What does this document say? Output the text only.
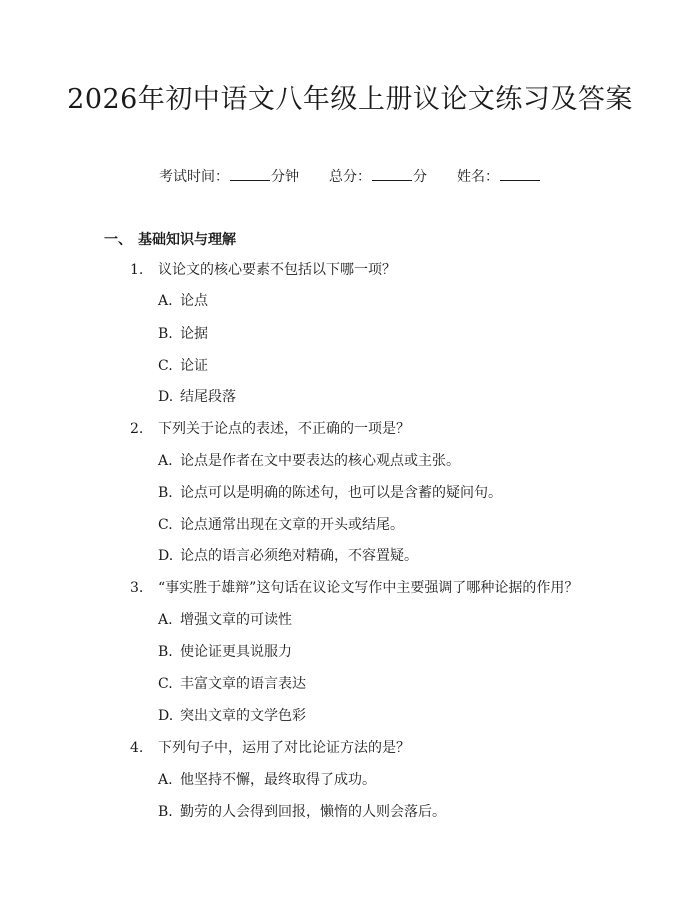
2026年初中语文八年级上册议论文练习及答案
考试时间：	分钟 总分：	分 姓名：
一、 基础知识与理解
1. 议论文的核心要素不包括以下哪一项？
A. 论点
B. 论据
C. 论证
D. 结尾段落
2. 下列关于论点的表述，不正确的一项是？
A. 论点是作者在文中要表达的核心观点或主张。
B. 论点可以是明确的陈述句，也可以是含蓄的疑问句。
C. 论点通常出现在文章的开头或结尾。
D. 论点的语言必须绝对精确，不容置疑。
3. “事实胜于雄辩”这句话在议论文写作中主要强调了哪种论据的作用？
A. 增强文章的可读性
B. 使论证更具说服力
C. 丰富文章的语言表达
D. 突出文章的文学色彩
4. 下列句子中，运用了对比论证方法的是？
A. 他坚持不懈，最终取得了成功。
B. 勤劳的人会得到回报，懒惰的人则会落后。
